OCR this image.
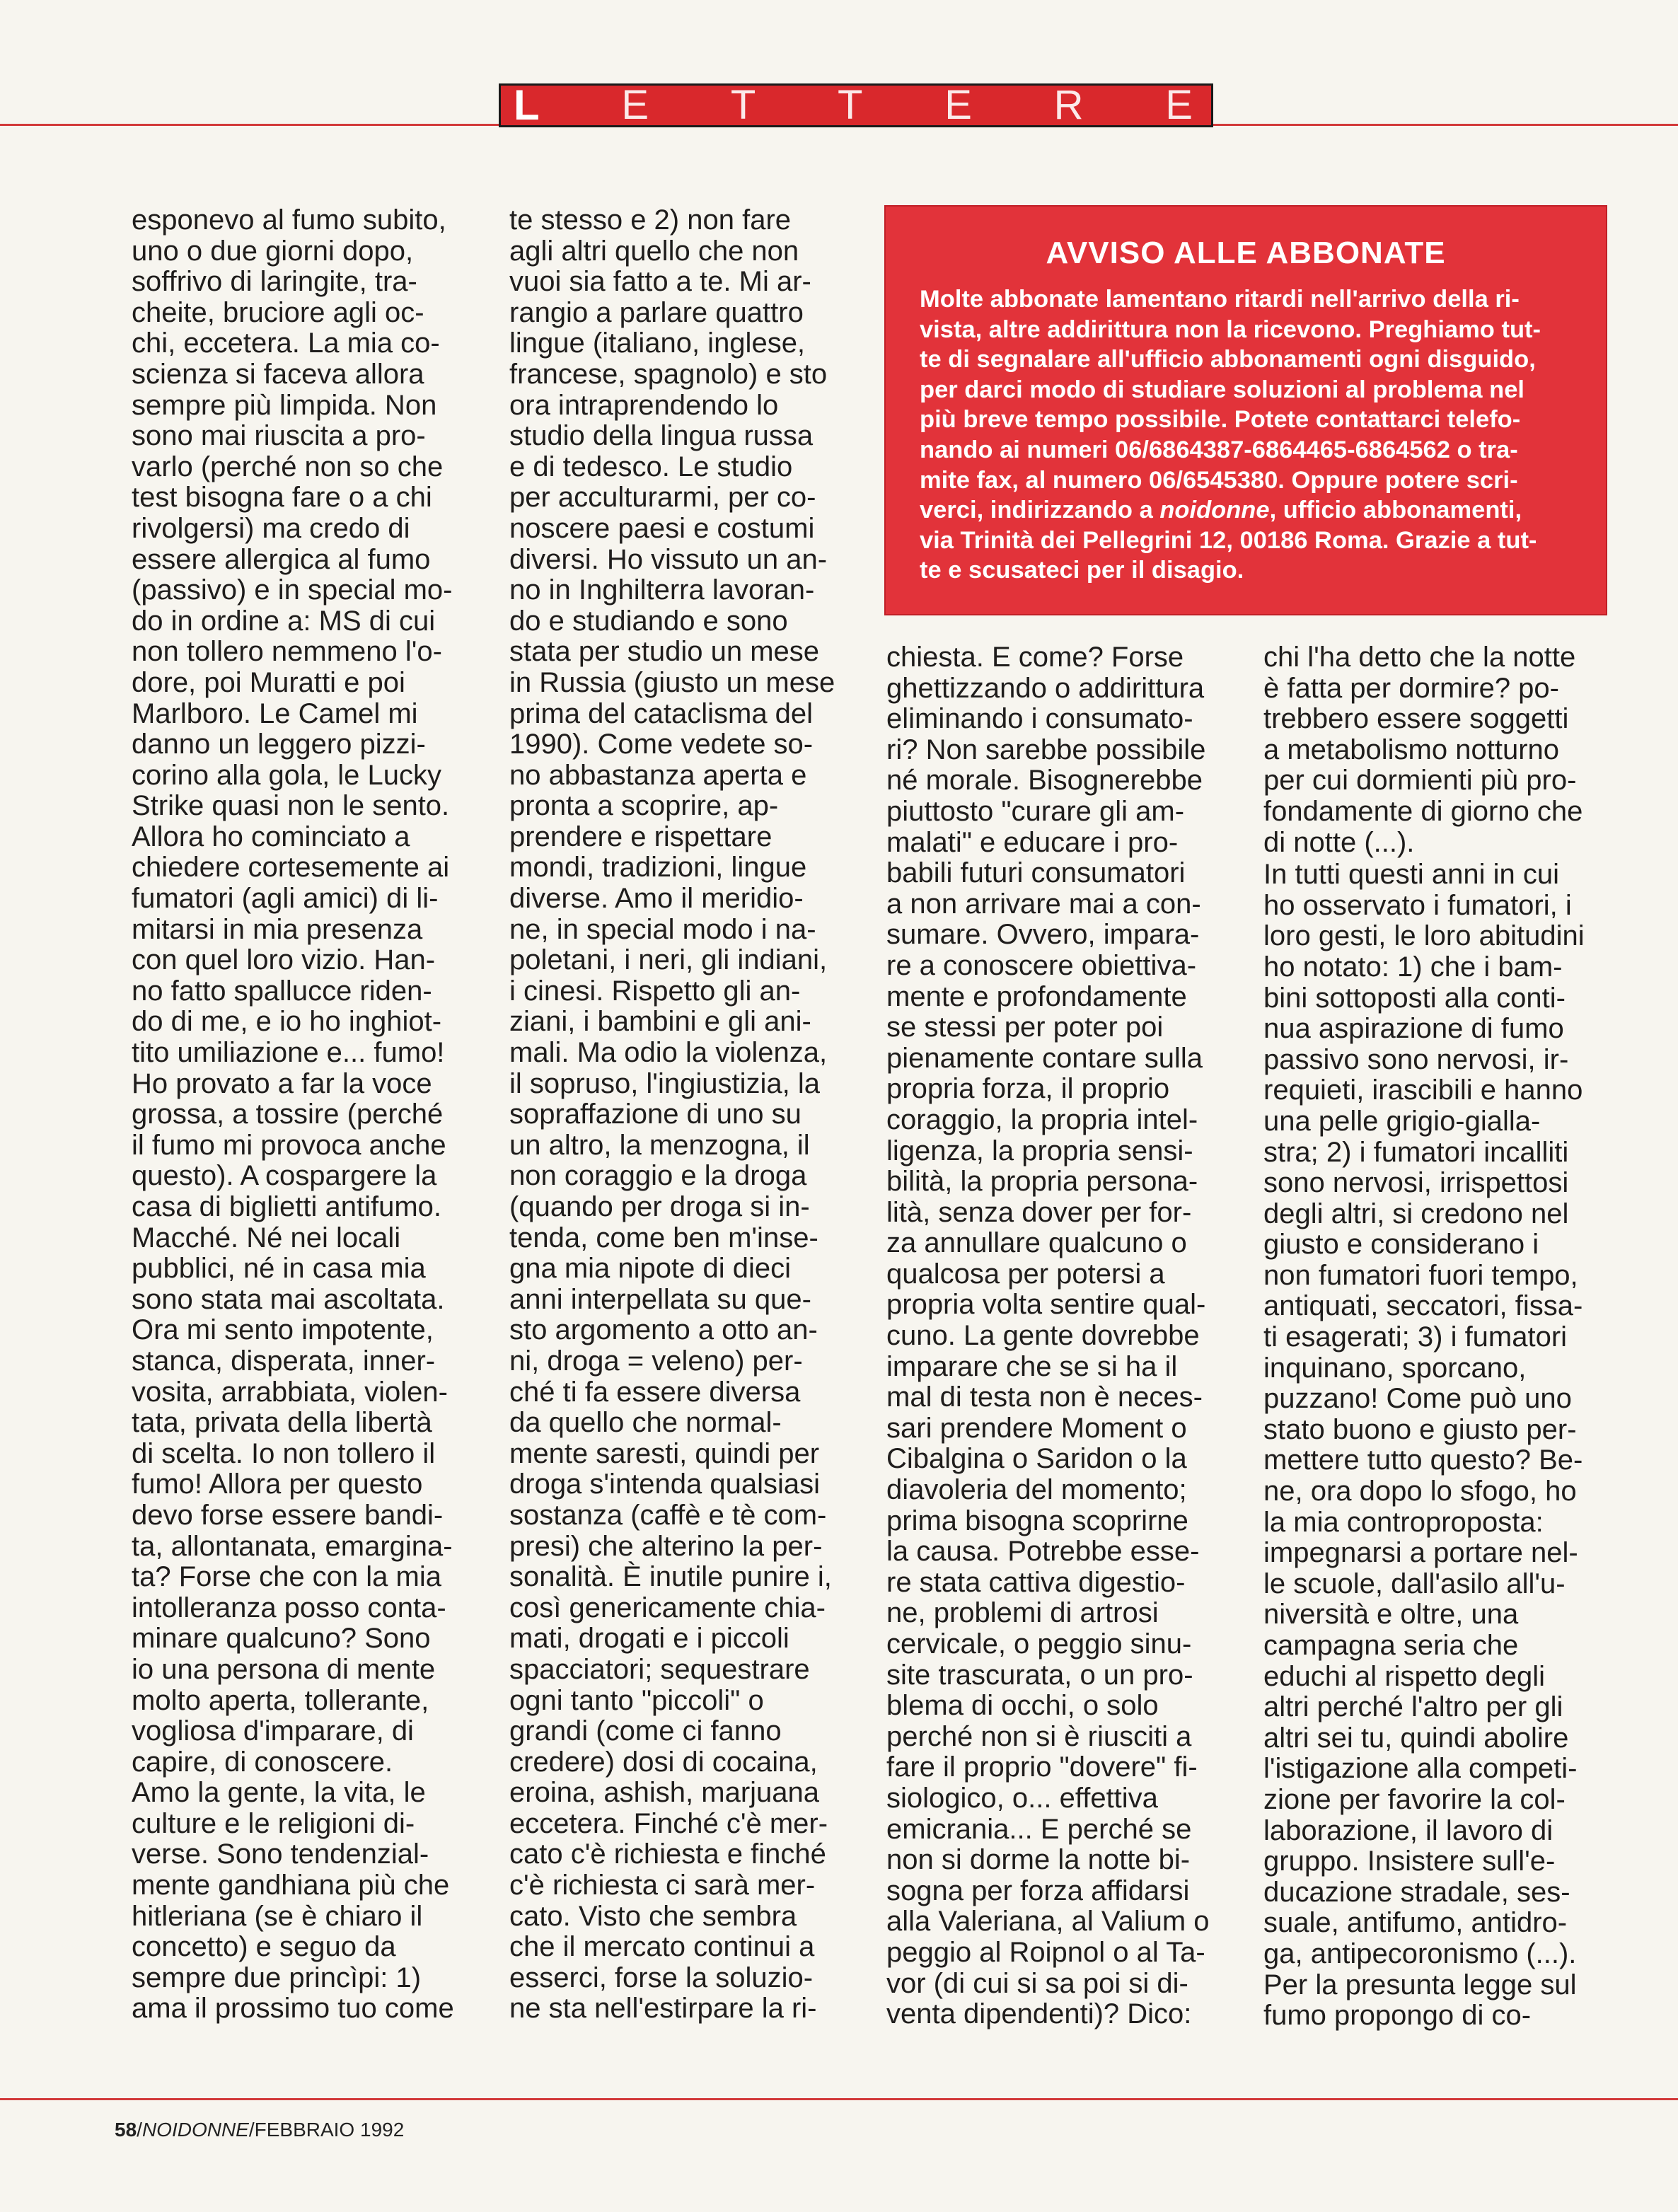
L E T T E R E

esponevo al fumo subito,
uno o due giorni dopo,
soffrivo di laringite, tra-
cheite, bruciore agli oc-
chi, eccetera. La mia co-
scienza si faceva allora
sempre più limpida. Non
sono mai riuscita a pro-
varlo (perché non so che
test bisogna fare o a chi
rivolgersi) ma credo di
essere allergica al fumo
(passivo) e in special mo-
do in ordine a: MS di cui
non tollero nemmeno l'o-
dore, poi Muratti e poi
Marlboro. Le Camel mi
danno un leggero pizzi-
corino alla gola, le Lucky
Strike quasi non le sento.
Allora ho cominciato a
chiedere cortesemente ai
fumatori (agli amici) di li-
mitarsi in mia presenza
con quel loro vizio. Han-
no fatto spallucce riden-
do di me, e io ho inghiot-
tito umiliazione e... fumo!
Ho provato a far la voce
grossa, a tossire (perché
il fumo mi provoca anche
questo). A cospargere la
casa di biglietti antifumo.
Macché. Né nei locali
pubblici, né in casa mia
sono stata mai ascoltata.
Ora mi sento impotente,
stanca, disperata, inner-
vosita, arrabbiata, violen-
tata, privata della libertà
di scelta. Io non tollero il
fumo! Allora per questo
devo forse essere bandi-
ta, allontanata, emargina-
ta? Forse che con la mia
intolleranza posso conta-
minare qualcuno? Sono
io una persona di mente
molto aperta, tollerante,
vogliosa d'imparare, di
capire, di conoscere.
Amo la gente, la vita, le
culture e le religioni di-
verse. Sono tendenzial-
mente gandhiana più che
hitleriana (se è chiaro il
concetto) e seguo da
sempre due princìpi: 1)
ama il prossimo tuo come

te stesso e 2) non fare
agli altri quello che non
vuoi sia fatto a te. Mi ar-
rangio a parlare quattro
lingue (italiano, inglese,
francese, spagnolo) e sto
ora intraprendendo lo
studio della lingua russa
e di tedesco. Le studio
per acculturarmi, per co-
noscere paesi e costumi
diversi. Ho vissuto un an-
no in Inghilterra lavoran-
do e studiando e sono
stata per studio un mese
in Russia (giusto un mese
prima del cataclisma del
1990). Come vedete so-
no abbastanza aperta e
pronta a scoprire, ap-
prendere e rispettare
mondi, tradizioni, lingue
diverse. Amo il meridio-
ne, in special modo i na-
poletani, i neri, gli indiani,
i cinesi. Rispetto gli an-
ziani, i bambini e gli ani-
mali. Ma odio la violenza,
il sopruso, l'ingiustizia, la
sopraffazione di uno su
un altro, la menzogna, il
non coraggio e la droga
(quando per droga si in-
tenda, come ben m'inse-
gna mia nipote di dieci
anni interpellata su que-
sto argomento a otto an-
ni, droga = veleno) per-
ché ti fa essere diversa
da quello che normal-
mente saresti, quindi per
droga s'intenda qualsiasi
sostanza (caffè e tè com-
presi) che alterino la per-
sonalità. È inutile punire i,
così genericamente chia-
mati, drogati e i piccoli
spacciatori; sequestrare
ogni tanto "piccoli" o
grandi (come ci fanno
credere) dosi di cocaina,
eroina, ashish, marjuana
eccetera. Finché c'è mer-
cato c'è richiesta e finché
c'è richiesta ci sarà mer-
cato. Visto che sembra
che il mercato continui a
esserci, forse la soluzio-
ne sta nell'estirpare la ri-

AVVISO ALLE ABBONATE
Molte abbonate lamentano ritardi nell'arrivo della ri-
vista, altre addirittura non la ricevono. Preghiamo tut-
te di segnalare all'ufficio abbonamenti ogni disguido,
per darci modo di studiare soluzioni al problema nel
più breve tempo possibile. Potete contattarci telefo-
nando ai numeri 06/6864387-6864465-6864562 o tra-
mite fax, al numero 06/6545380. Oppure potere scri-
verci, indirizzando a noidonne, ufficio abbonamenti,
via Trinità dei Pellegrini 12, 00186 Roma. Grazie a tut-
te e scusateci per il disagio.

chiesta. E come? Forse
ghettizzando o addirittura
eliminando i consumato-
ri? Non sarebbe possibile
né morale. Bisognerebbe
piuttosto "curare gli am-
malati" e educare i pro-
babili futuri consumatori
a non arrivare mai a con-
sumare. Ovvero, impara-
re a conoscere obiettiva-
mente e profondamente
se stessi per poter poi
pienamente contare sulla
propria forza, il proprio
coraggio, la propria intel-
ligenza, la propria sensi-
bilità, la propria persona-
lità, senza dover per for-
za annullare qualcuno o
qualcosa per potersi a
propria volta sentire qual-
cuno. La gente dovrebbe
imparare che se si ha il
mal di testa non è neces-
sari prendere Moment o
Cibalgina o Saridon o la
diavoleria del momento;
prima bisogna scoprirne
la causa. Potrebbe esse-
re stata cattiva digestio-
ne, problemi di artrosi
cervicale, o peggio sinu-
site trascurata, o un pro-
blema di occhi, o solo
perché non si è riusciti a
fare il proprio "dovere" fi-
siologico, o... effettiva
emicrania... E perché se
non si dorme la notte bi-
sogna per forza affidarsi
alla Valeriana, al Valium o
peggio al Roipnol o al Ta-
vor (di cui si sa poi si di-
venta dipendenti)? Dico:

chi l'ha detto che la notte
è fatta per dormire? po-
trebbero essere soggetti
a metabolismo notturno
per cui dormienti più pro-
fondamente di giorno che
di notte (...).

In tutti questi anni in cui
ho osservato i fumatori, i
loro gesti, le loro abitudini
ho notato: 1) che i bam-
bini sottoposti alla conti-
nua aspirazione di fumo
passivo sono nervosi, ir-
requieti, irascibili e hanno
una pelle grigio-gialla-
stra; 2) i fumatori incalliti
sono nervosi, irrispettosi
degli altri, si credono nel
giusto e considerano i
non fumatori fuori tempo,
antiquati, seccatori, fissa-
ti esagerati; 3) i fumatori
inquinano, sporcano,
puzzano! Come può uno
stato buono e giusto per-
mettere tutto questo? Be-
ne, ora dopo lo sfogo, ho
la mia controproposta:
impegnarsi a portare nel-
le scuole, dall'asilo all'u-
niversità e oltre, una
campagna seria che
educhi al rispetto degli
altri perché l'altro per gli
altri sei tu, quindi abolire
l'istigazione alla competi-
zione per favorire la col-
laborazione, il lavoro di
gruppo. Insistere sull'e-
ducazione stradale, ses-
suale, antifumo, antidro-
ga, antipecoronismo (...).
Per la presunta legge sul
fumo propongo di co-

58/NOIDONNE/FEBBRAIO 1992
